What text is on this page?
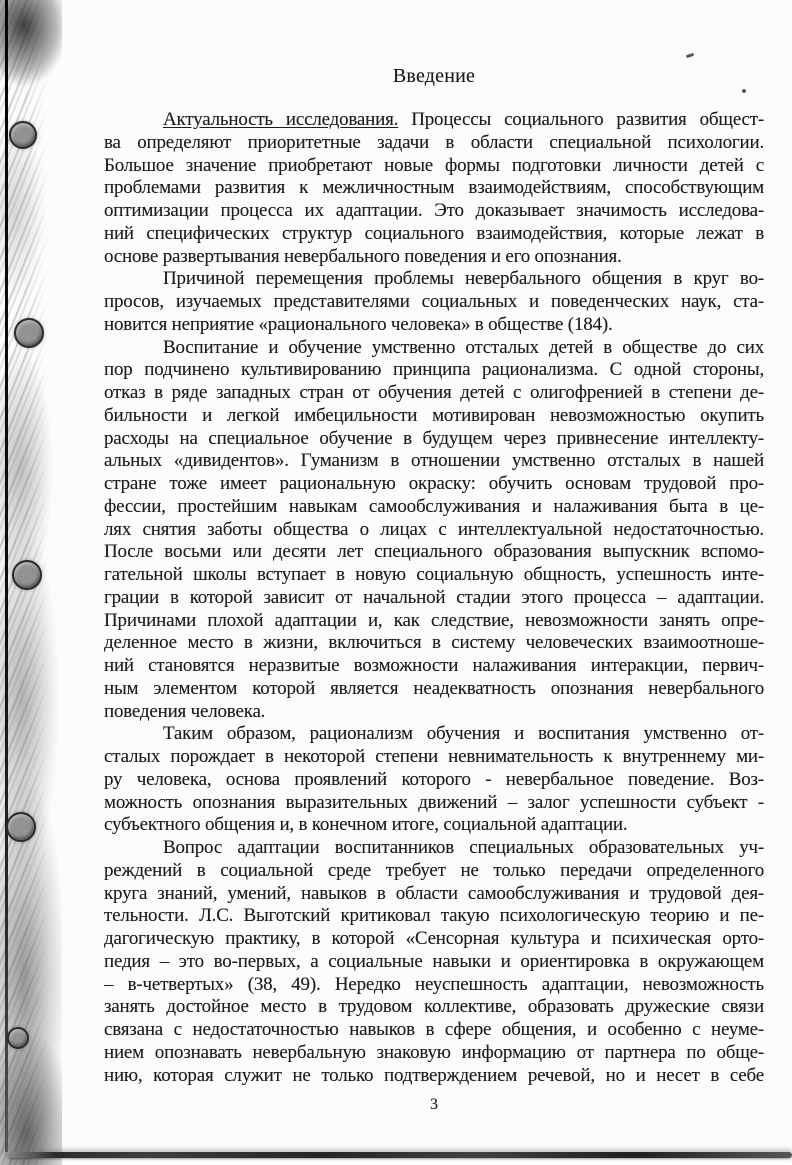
Введение
Актуальность исследования. Процессы социального развития общест-
ва определяют приоритетные задачи в области специальной психологии.
Большое значение приобретают новые формы подготовки личности детей с
проблемами развития к межличностным взаимодействиям, способствующим
оптимизации процесса их адаптации. Это доказывает значимость исследова-
ний специфических структур социального взаимодействия, которые лежат в
основе развертывания невербального поведения и его опознания.
Причиной перемещения проблемы невербального общения в круг во-
просов, изучаемых представителями социальных и поведенческих наук, ста-
новится неприятие «рационального человека» в обществе (184).
Воспитание и обучение умственно отсталых детей в обществе до сих
пор подчинено культивированию принципа рационализма. С одной стороны,
отказ в ряде западных стран от обучения детей с олигофренией в степени де-
бильности и легкой имбецильности мотивирован невозможностью окупить
расходы на специальное обучение в будущем через привнесение интеллекту-
альных «дивидентов». Гуманизм в отношении умственно отсталых в нашей
стране тоже имеет рациональную окраску: обучить основам трудовой про-
фессии, простейшим навыкам самообслуживания и налаживания быта в це-
лях снятия заботы общества о лицах с интеллектуальной недостаточностью.
После восьми или десяти лет специального образования выпускник вспомо-
гательной школы вступает в новую социальную общность, успешность инте-
грации в которой зависит от начальной стадии этого процесса – адаптации.
Причинами плохой адаптации и, как следствие, невозможности занять опре-
деленное место в жизни, включиться в систему человеческих взаимоотноше-
ний становятся неразвитые возможности налаживания интеракции, первич-
ным элементом которой является неадекватность опознания невербального
поведения человека.
Таким образом, рационализм обучения и воспитания умственно от-
сталых порождает в некоторой степени невнимательность к внутреннему ми-
ру человека, основа проявлений которого - невербальное поведение. Воз-
можность опознания выразительных движений – залог успешности субъект -
субъектного общения и, в конечном итоге, социальной адаптации.
Вопрос адаптации воспитанников специальных образовательных уч-
реждений в социальной среде требует не только передачи определенного
круга знаний, умений, навыков в области самообслуживания и трудовой дея-
тельности. Л.С. Выготский критиковал такую психологическую теорию и пе-
дагогическую практику, в которой «Сенсорная культура и психическая орто-
педия – это во-первых, а социальные навыки и ориентировка в окружающем
– в-четвертых» (38, 49). Нередко неуспешность адаптации, невозможность
занять достойное место в трудовом коллективе, образовать дружеские связи
связана с недостаточностью навыков в сфере общения, и особенно с неуме-
нием опознавать невербальную знаковую информацию от партнера по обще-
нию, которая служит не только подтверждением речевой, но и несет в себе
3
